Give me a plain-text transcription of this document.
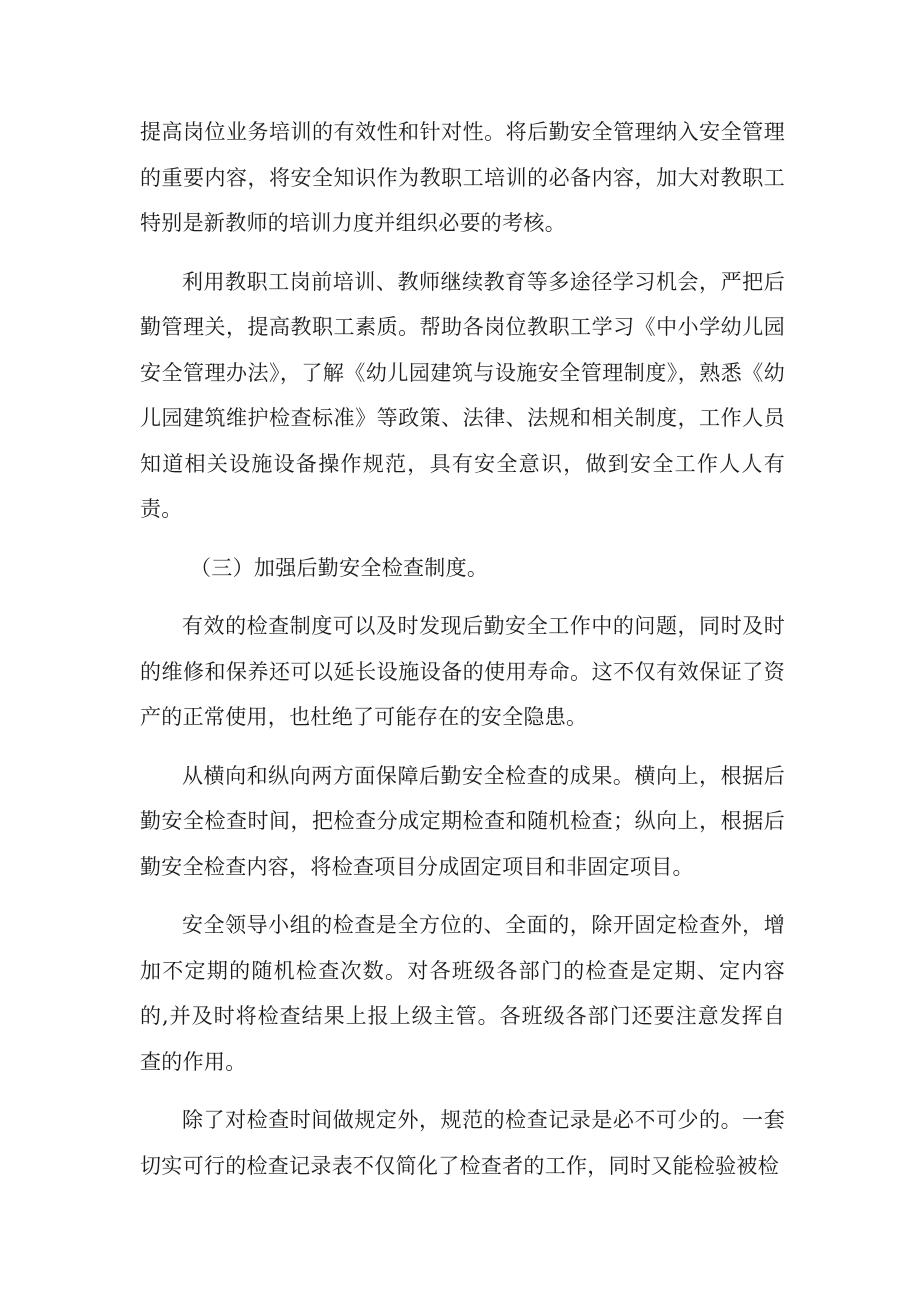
提高岗位业务培训的有效性和针对性。将后勤安全管理纳入安全管理的重要内容，将安全知识作为教职工培训的必备内容，加大对教职工特别是新教师的培训力度并组织必要的考核。

利用教职工岗前培训、教师继续教育等多途径学习机会，严把后勤管理关，提高教职工素质。帮助各岗位教职工学习《中小学幼儿园安全管理办法》，了解《幼儿园建筑与设施安全管理制度》，熟悉《幼儿园建筑维护检查标准》等政策、法律、法规和相关制度，工作人员知道相关设施设备操作规范，具有安全意识，做到安全工作人人有责。

（三）加强后勤安全检查制度。

有效的检查制度可以及时发现后勤安全工作中的问题，同时及时的维修和保养还可以延长设施设备的使用寿命。这不仅有效保证了资产的正常使用，也杜绝了可能存在的安全隐患。

从横向和纵向两方面保障后勤安全检查的成果。横向上，根据后勤安全检查时间，把检查分成定期检查和随机检查；纵向上，根据后勤安全检查内容，将检查项目分成固定项目和非固定项目。

安全领导小组的检查是全方位的、全面的，除开固定检查外，增加不定期的随机检查次数。对各班级各部门的检查是定期、定内容的,并及时将检查结果上报上级主管。各班级各部门还要注意发挥自查的作用。

除了对检查时间做规定外，规范的检查记录是必不可少的。一套切实可行的检查记录表不仅简化了检查者的工作，同时又能检验被检
